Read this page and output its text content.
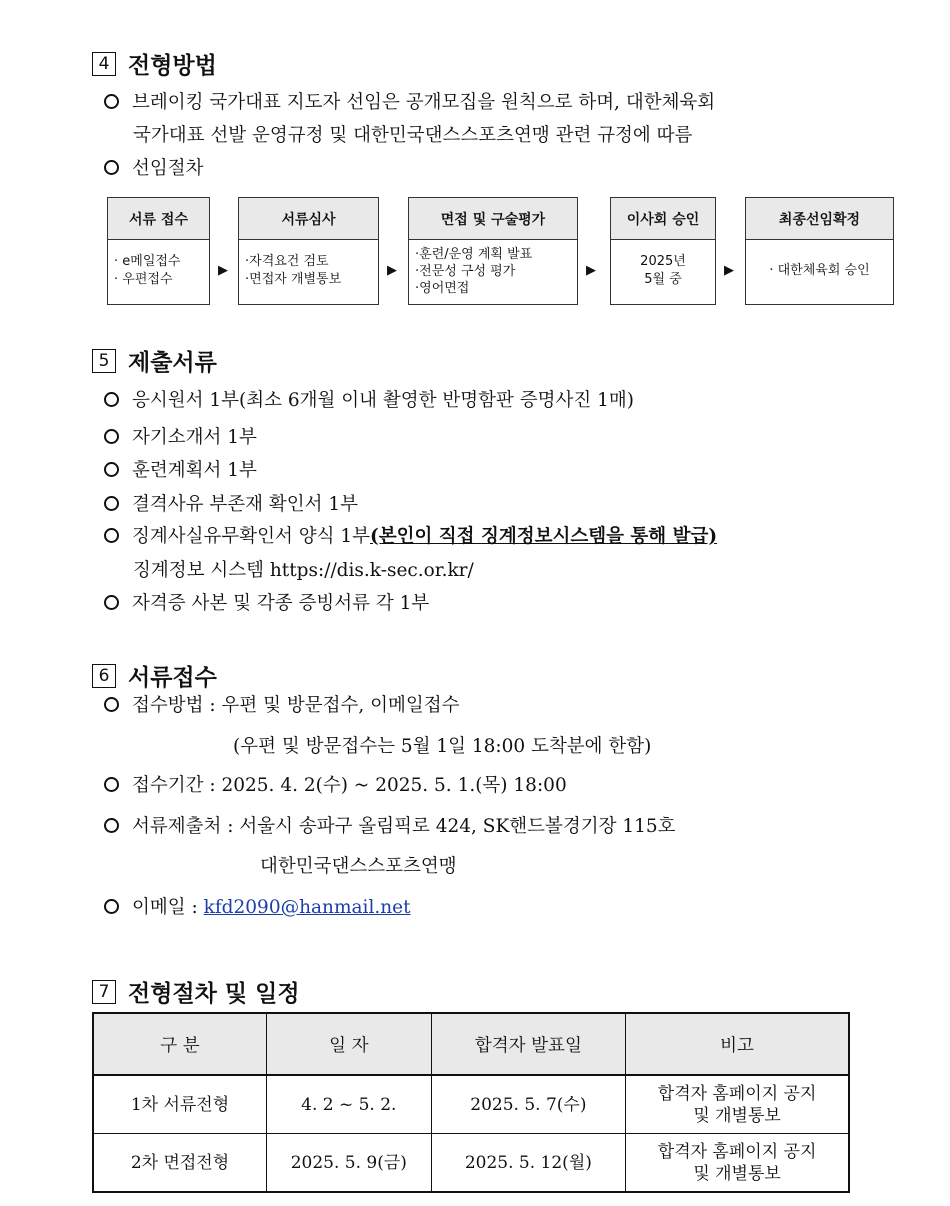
4 전형방법
브레이킹 국가대표 지도자 선임은 공개모집을 원칙으로 하며, 대한체육회
국가대표 선발 운영규정 및 대한민국댄스스포츠연맹 관련 규정에 따름
선임절차
서류 접수
· e메일접수
· 우편접수
▶
서류심사
·자격요건 검토
·면접자 개별통보
▶
면접 및 구술평가
·훈련/운영 계획 발표
·전문성 구성 평가
·영어면접
▶
이사회 승인
2025년
5월 중
▶
최종선임확정
· 대한체육회 승인
5 제출서류
응시원서 1부(최소 6개월 이내 촬영한 반명함판 증명사진 1매)
자기소개서 1부
훈련계획서 1부
결격사유 부존재 확인서 1부
징계사실유무확인서 양식 1부(본인이 직접 징계정보시스템을 통해 발급)
징계정보 시스템 https://dis.k-sec.or.kr/
자격증 사본 및 각종 증빙서류 각 1부
6 서류접수
접수방법 : 우편 및 방문접수, 이메일접수
(우편 및 방문접수는 5월 1일 18:00 도착분에 한함)
접수기간 : 2025. 4. 2(수) ~ 2025. 5. 1.(목) 18:00
서류제출처 : 서울시 송파구 올림픽로 424, SK핸드볼경기장 115호
대한민국댄스스포츠연맹
이메일 : kfd2090@hanmail.net
7 전형절차 및 일정
구 분	일 자	합격자 발표일	비고
1차 서류전형	4. 2 ~ 5. 2.	2025. 5. 7(수)	합격자 홈페이지 공지
및 개별통보

2차 면접전형	2025. 5. 9(금)	2025. 5. 12(월)	합격자 홈페이지 공지
및 개별통보
